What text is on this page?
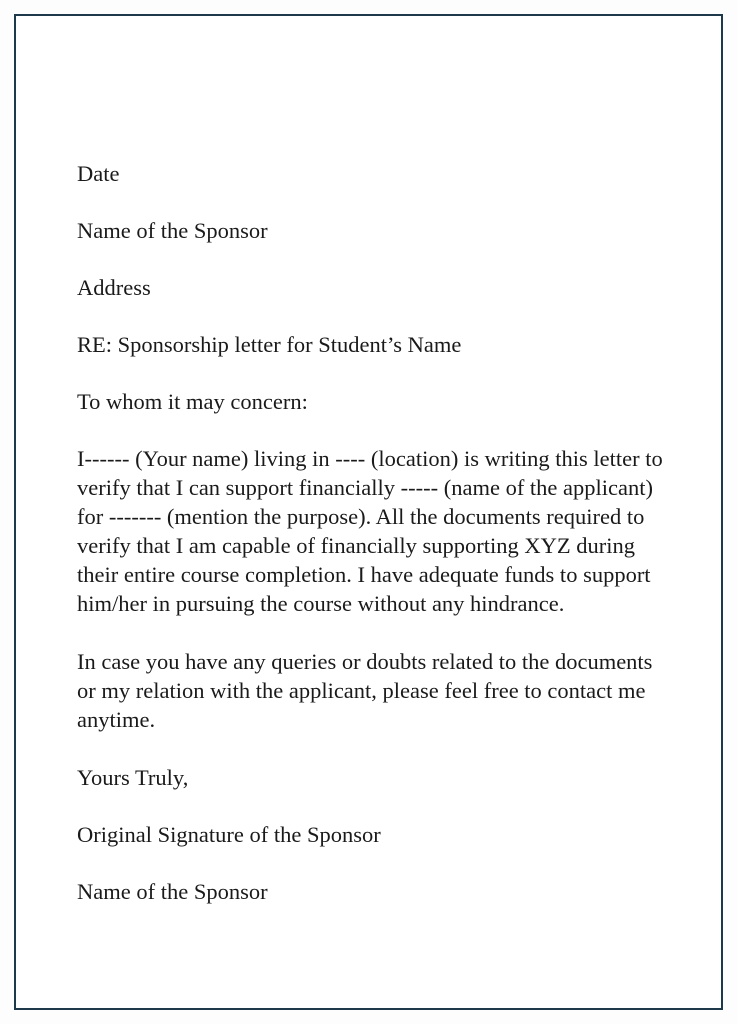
Date

Name of the Sponsor

Address

RE: Sponsorship letter for Student’s Name

To whom it may concern:

I------ (Your name) living in ---- (location) is writing this letter to verify that I can support financially ----- (name of the applicant) for ------- (mention the purpose). All the documents required to verify that I am capable of financially supporting XYZ during their entire course completion. I have adequate funds to support him/her in pursuing the course without any hindrance.

In case you have any queries or doubts related to the documents or my relation with the applicant, please feel free to contact me anytime.

Yours Truly,

Original Signature of the Sponsor

Name of the Sponsor
